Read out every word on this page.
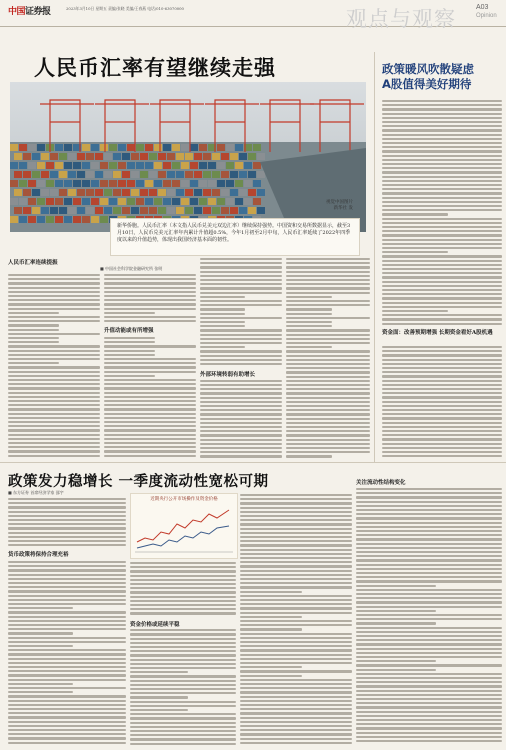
中国证券报	2023年3月10日 星期五 责编/张晓 美编/王春燕 电话/010-63070000	观点与观察	A03
Opinion
人民币汇率有望继续走强
视觉中国图片
新华社 发
新华侨胞。人民币汇率（本文指人民币兑美元双边汇率）继续保持强势。中国资和交易所数据显示，截至3月10日，人民币兑美元汇率年内累计升值超0.5%，今年1月初至2月中旬，人民币汇率延续了2022年四季度以来的升值趋势，体现出我国经济基本面的韧性。
人民币汇率连续提振
■ 中国社会科学院金融研究所 张明
升值动能或有所增强
外部环境转弱有助增长
政策暖风吹散疑虑
A股值得美好期待
资金面：改善预期增强 长期资金看好A股机遇
政策发力稳增长 一季度流动性宽松可期
■ 东方证券 首席经济学家 邵宇
货币政策将保持合理充裕
近期央行公开市场操作及资金价格
资金价格或延续平稳
关注流动性结构变化
